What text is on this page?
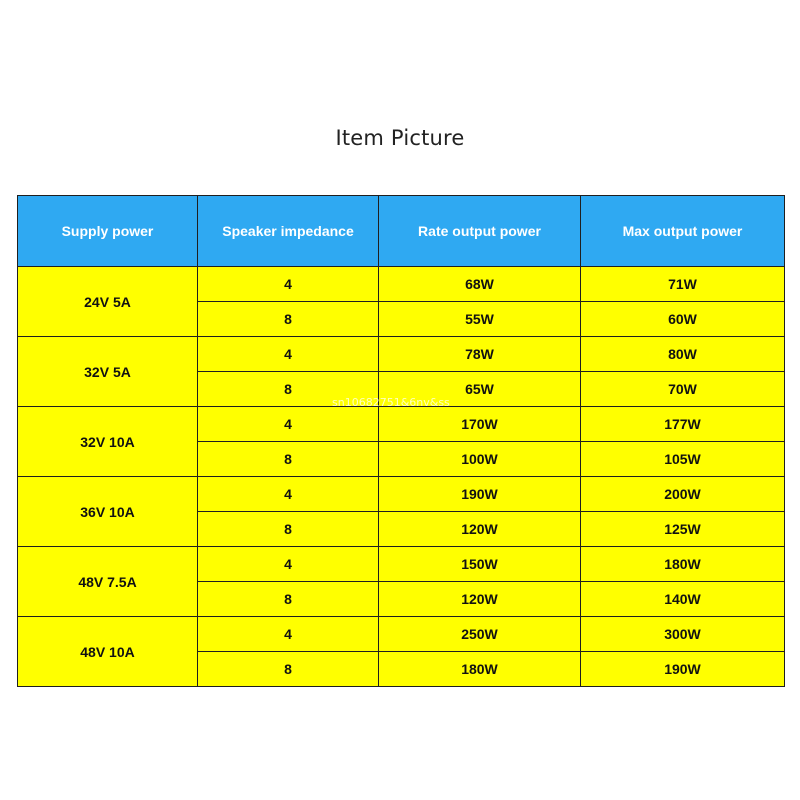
Item Picture
Supply power	Speaker impedance	Rate output power	Max output power
24V 5A	4	68W	71W
	8	55W	60W
32V 5A	4	78W	80W
	8	65W	70W
32V 10A	4	170W	177W
	8	100W	105W
36V 10A	4	190W	200W
	8	120W	125W
48V 7.5A	4	150W	180W
	8	120W	140W
48V 10A	4	250W	300W
	8	180W	190W
sn10682751&6nv&ss
